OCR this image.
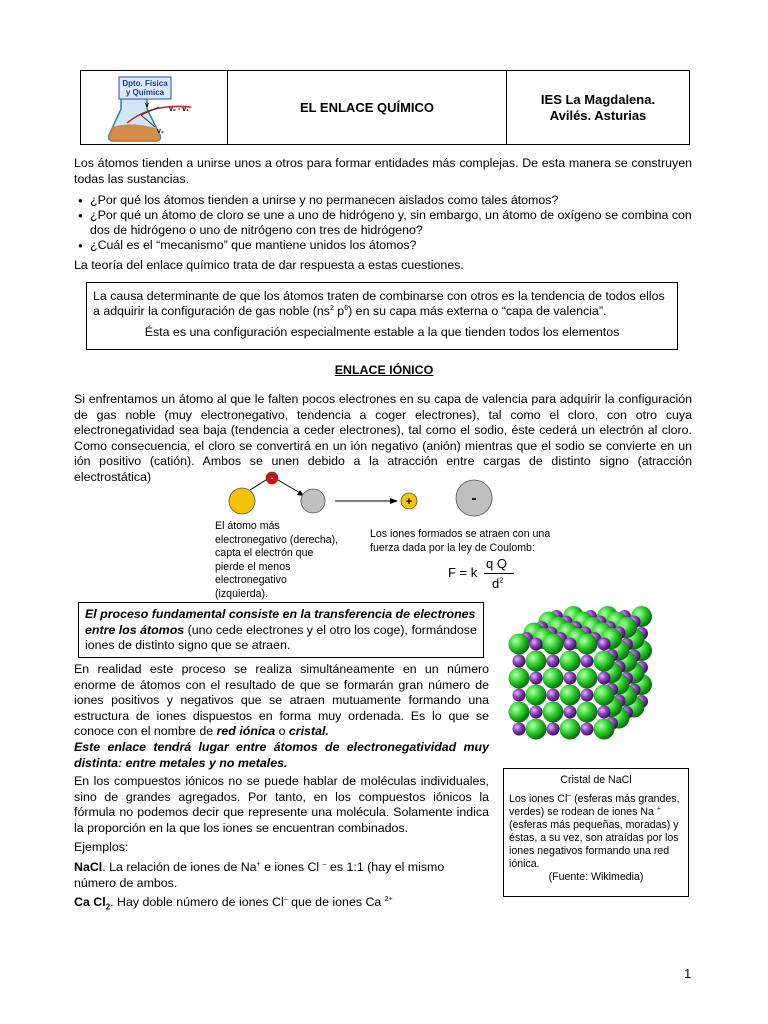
Dpto. Física
y Química
v
v₂ - v₁
v₂
EL ENLACE QUÍMICO
IES La Magdalena.
Avilés. Asturias

Los átomos tienden a unirse unos a otros para formar entidades más complejas. De esta manera se construyen todas las sustancias.

● ¿Por qué los átomos tienden a unirse y no permanecen aislados como tales átomos?
● ¿Por qué un átomo de cloro se une a uno de hidrógeno y, sin embargo, un átomo de oxígeno se combina con dos de hidrógeno o uno de nitrógeno con tres de hidrógeno?
● ¿Cuál es el “mecanismo” que mantiene unidos los átomos?

La teoría del enlace químico trata de dar respuesta a estas cuestiones.

La causa determinante de que los átomos traten de combinarse con otros es la tendencia de todos ellos a adquirir la configuración de gas noble ($ns^2$ $p^6$) en su capa más externa o “capa de valencia”.

Ésta es una configuración especialmente estable a la que tienden todos los elementos

ENLACE IÓNICO

Si enfrentamos un átomo al que le falten pocos electrones en su capa de valencia para adquirir la configuración de gas noble (muy electronegativo, tendencia a coger electrones), tal como el cloro, con otro cuya electronegatividad sea baja (tendencia a ceder electrones), tal como el sodio, éste cederá un electrón al cloro. Como consecuencia, el cloro se convertirá en un ión negativo (anión) mientras que el sodio se convierte en un ión positivo (catión). Ambos se unen debido a la atracción entre cargas de distinto signo (atracción electrostática)	-
+	-

El átomo más electronegativo (derecha), capta el electrón que pierde el menos electronegativo (izquierda).

Los iones formados se atraen con una fuerza dada por la ley de Coulomb:

F = k
q Q
$d^2$
El proceso fundamental consiste en la transferencia de electrones entre los átomos (uno cede electrones y el otro los coge), formándose iones de distinto signo que se atraen.

En realidad este proceso se realiza simultáneamente en un número enorme de átomos con el resultado de que se formarán gran número de iones positivos y negativos que se atraen mutuamente formando una estructura de iones dispuestos en forma muy ordenada. Es lo que se conoce con el nombre de red iónica o cristal.

Este enlace tendrá lugar entre átomos de electronegatividad muy distinta: entre metales y no metales.

En los compuestos iónicos no se puede hablar de moléculas individuales, sino de grandes agregados. Por tanto, en los compuestos iónicos la fórmula no podemos decir que represente una molécula. Solamente indica la proporción en la que los iones se encuentran combinados.

Ejemplos:

NaCl. La relación de iones de Na+ e iones Cl – es 1:1 (hay el mismo número de ambos.

Ca $Cl_2$. Hay doble número de iones Cl– que de iones Ca $^{2+}$

Cristal de NaCl
Los iones Cl– (esferas más grandes, verdes) se rodean de iones Na + (esferas más pequeñas, moradas) y éstas, a su vez, son atraídas por los iones negativos formando una red iónica.
(Fuente: Wikimedia)
1
